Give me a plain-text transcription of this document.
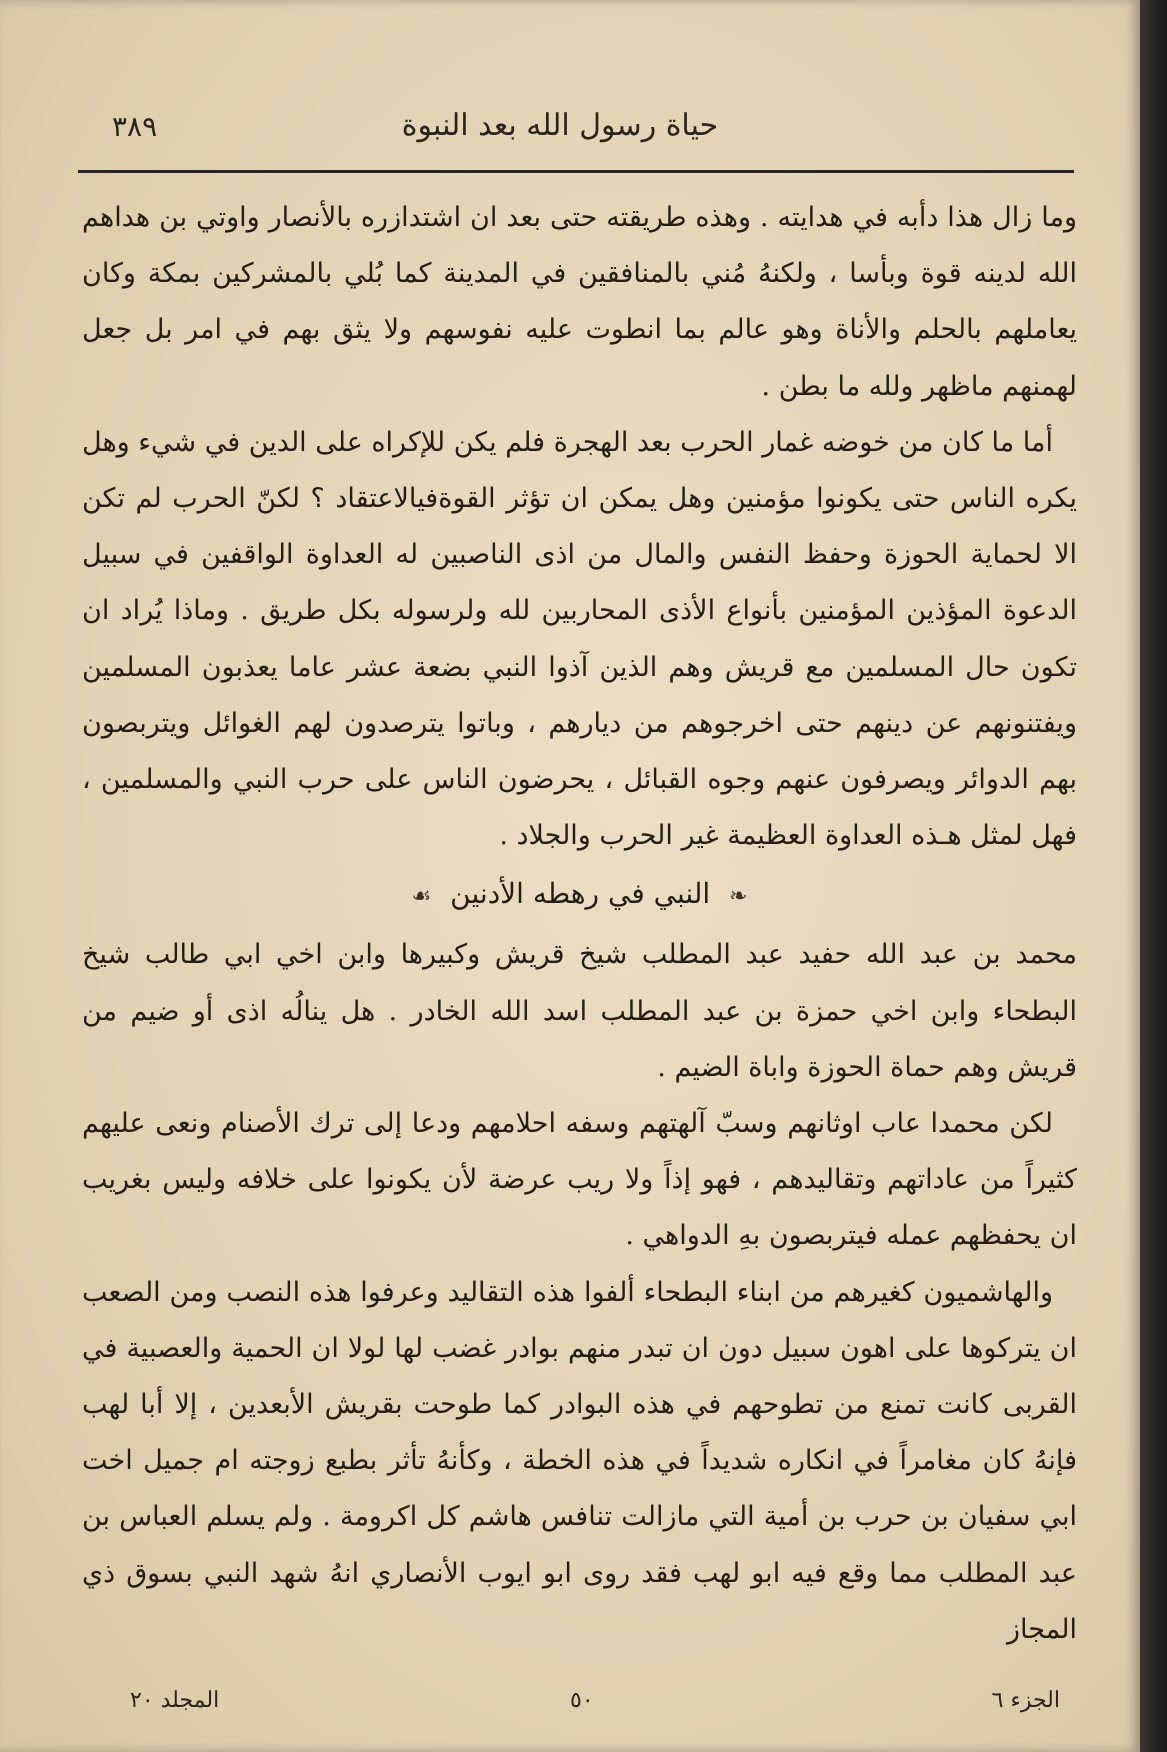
حياة رسول الله بعد النبوة
٣٨٩

وما زال هذا دأبه في هدايته . وهذه طريقته حتى بعد ان اشتدازره بالأنصار واوتي بن هداهم الله لدينه قوة وبأسا ، ولكنهُ مُني بالمنافقين في المدينة كما بُلي بالمشركين بمكة وكان يعاملهم بالحلم والأناة وهو عالم بما انطوت عليه نفوسهم ولا يثق بهم في امر بل جعل لهمنهم ماظهر ولله ما بطن .

أما ما كان من خوضه غمار الحرب بعد الهجرة فلم يكن للإكراه على الدين في شيء وهل يكره الناس حتى يكونوا مؤمنين وهل يمكن ان تؤثر القوةفيالاعتقاد ؟ لكنّ الحرب لم تكن الا لحماية الحوزة وحفظ النفس والمال من اذى الناصبين له العداوة الواقفين في سبيل الدعوة المؤذين المؤمنين بأنواع الأذى المحاربين لله ولرسوله بكل طريق . وماذا يُراد ان تكون حال المسلمين مع قريش وهم الذين آذوا النبي بضعة عشر عاما يعذبون المسلمين ويفتنونهم عن دينهم حتى اخرجوهم من ديارهم ، وباتوا يترصدون لهم الغوائل ويتربصون بهم الدوائر ويصرفون عنهم وجوه القبائل ، يحرضون الناس على حرب النبي والمسلمين ، فهل لمثل هـذه العداوة العظيمة غير الحرب والجلاد .

❧ النبي في رهطه الأدنين ☙

محمد بن عبد الله حفيد عبد المطلب شيخ قريش وكبيرها وابن اخي ابي طالب شيخ البطحاء وابن اخي حمزة بن عبد المطلب اسد الله الخادر . هل ينالُه اذى أو ضيم من قريش وهم حماة الحوزة واباة الضيم .

لكن محمدا عاب اوثانهم وسبّ آلهتهم وسفه احلامهم ودعا إلى ترك الأصنام ونعى عليهم كثيراً من عاداتهم وتقاليدهم ، فهو إذاً ولا ريب عرضة لأن يكونوا على خلافه وليس بغريب ان يحفظهم عمله فيتربصون بهِ الدواهي .

والهاشميون كغيرهم من ابناء البطحاء ألفوا هذه التقاليد وعرفوا هذه النصب ومن الصعب ان يتركوها على اهون سبيل دون ان تبدر منهم بوادر غضب لها لولا ان الحمية والعصبية في القربى كانت تمنع من تطوحهم في هذه البوادر كما طوحت بقريش الأبعدين ، إلا أبا لهب فإنهُ كان مغامراً في انكاره شديداً في هذه الخطة ، وكأنهُ تأثر بطبع زوجته ام جميل اخت ابي سفيان بن حرب بن أمية التي مازالت تنافس هاشم كل اكرومة . ولم يسلم العباس بن عبد المطلب مما وقع فيه ابو لهب فقد روى ابو ايوب الأنصاري انهُ شهد النبي بسوق ذي المجاز

المجلد ٢٠	٥٠	الجزء ٦
